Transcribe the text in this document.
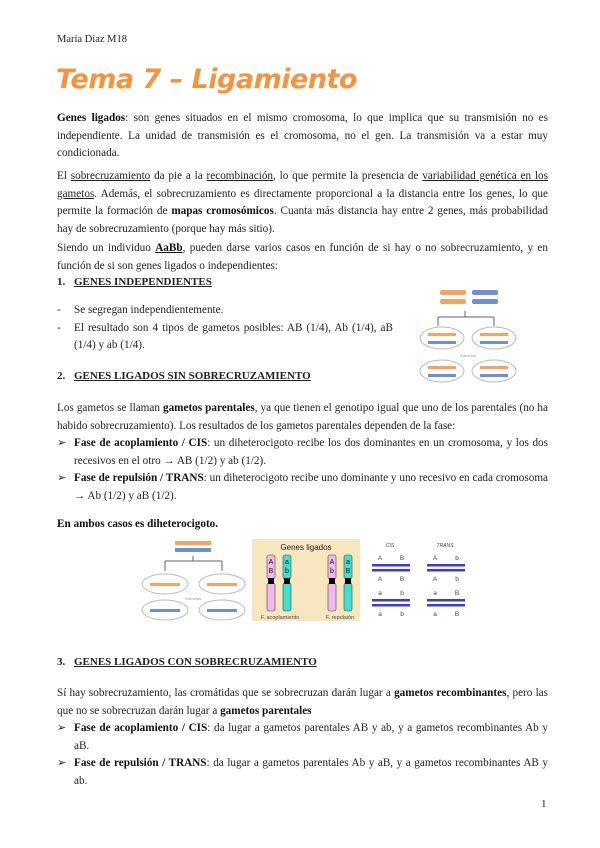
María Díaz M18
Tema 7 – Ligamiento
Genes ligados: son genes situados en el mismo cromosoma, lo que implica que su transmisión no es independiente. La unidad de transmisión es el cromosoma, no el gen. La transmisión va a estar muy condicionada.
El sobrecruzamiento da pie a la recombinación, lo que permite la presencia de variabilidad genética en los gametos. Además, el sobrecruzamiento es directamente proporcional a la distancia entre los genes, lo que permite la formación de mapas cromosómicos. Cuanta más distancia hay entre 2 genes, más probabilidad hay de sobrecruzamiento (porque hay más sitio).
Siendo un individuo AaBb, pueden darse varios casos en función de si hay o no sobrecruzamiento, y en función de si son genes ligados o independientes:
1. GENES INDEPENDIENTES
- Se segregan independientemente.
- El resultado son 4 tipos de gametos posibles: AB (1/4), Ab (1/4), aB (1/4) y ab (1/4).
Gametos
2. GENES LIGADOS SIN SOBRECRUZAMIENTO
Los gametos se llaman gametos parentales, ya que tienen el genotipo igual que uno de los parentales (no ha habido sobrecruzamiento). Los resultados de los gametos parentales dependen de la fase:
➢ Fase de acoplamiento / CIS: un diheterocigoto recibe los dos dominantes en un cromosoma, y los dos recesivos en el otro → AB (1/2) y ab (1/2).
➢ Fase de repulsión / TRANS: un diheterocigoto recibe uno dominante y uno recesivo en cada cromosoma → Ab (1/2) y aB (1/2).
En ambos casos es diheterocigoto.
Gametos
Genes ligados
A
B
a
b
A
b
a
B
F. acoplamiento	F. repulsión
CIS	TRANS
A	B
A	B
A	b
A	b
a	b
a	b
a	B
a	B
3. GENES LIGADOS CON SOBRECRUZAMIENTO
Sí hay sobrecruzamiento, las cromátidas que se sobrecruzan darán lugar a gametos recombinantes, pero las que no se sobrecruzan darán lugar a gametos parentales
➢ Fase de acoplamiento / CIS: da lugar a gametos parentales AB y ab, y a gametos recombinantes Ab y aB.
➢ Fase de repulsión / TRANS: da lugar a gametos parentales Ab y aB, y a gametos recombinantes AB y ab.
1
